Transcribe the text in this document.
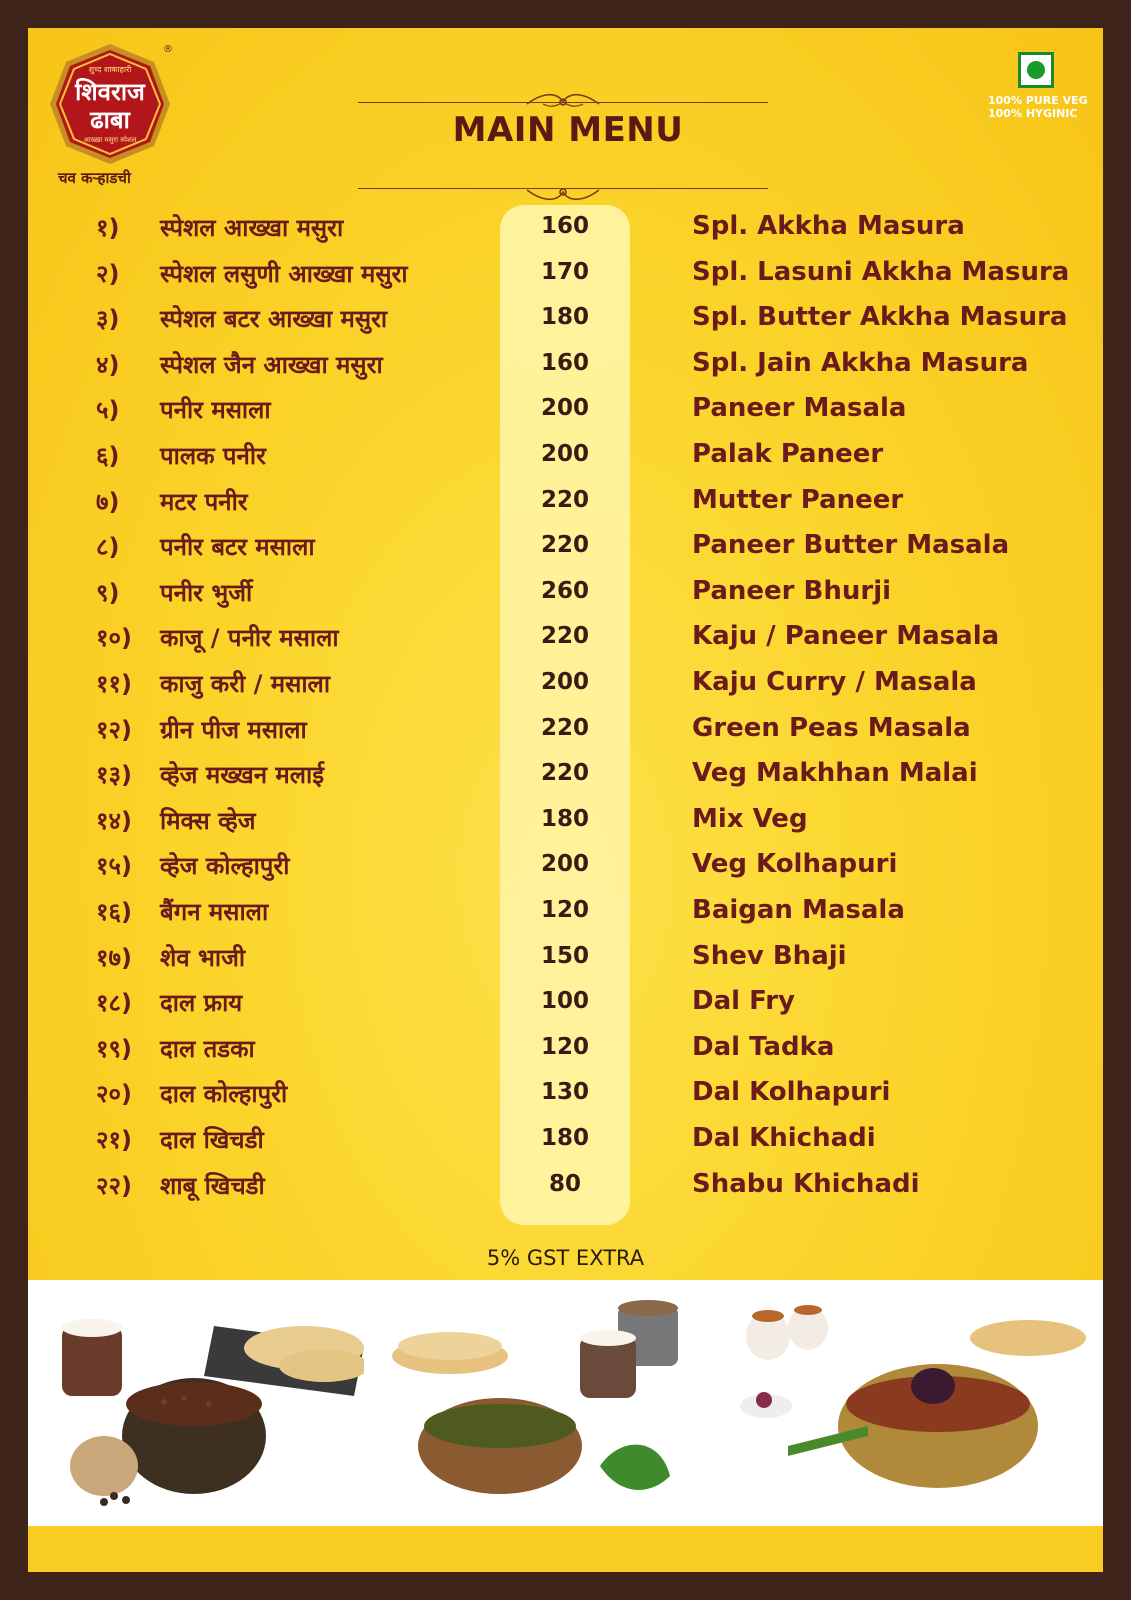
शुध्द शाकाहारी
शिवराज
ढाबा
आख्खा मसुरा स्पेशल
®
चव कऱ्हाडची
100% PURE VEG
100% HYGINIC
MAIN MENU
१) स्पेशल आख्खा मसुरा	160	Spl. Akkha Masura
२) स्पेशल लसुणी आख्खा मसुरा	170	Spl. Lasuni Akkha Masura
३) स्पेशल बटर आख्खा मसुरा	180	Spl. Butter Akkha Masura
४) स्पेशल जैन आख्खा मसुरा	160	Spl. Jain Akkha Masura
५) पनीर मसाला	200	Paneer Masala
६) पालक पनीर	200	Palak Paneer
७) मटर पनीर	220	Mutter Paneer
८) पनीर बटर मसाला	220	Paneer Butter Masala
९) पनीर भुर्जी	260	Paneer Bhurji
१०) काजू / पनीर मसाला	220	Kaju / Paneer Masala
११) काजु करी / मसाला	200	Kaju Curry / Masala
१२) ग्रीन पीज मसाला	220	Green Peas Masala
१३) व्हेज मख्खन मलाई	220	Veg Makhhan Malai
१४) मिक्स व्हेज	180	Mix Veg
१५) व्हेज कोल्हापुरी	200	Veg Kolhapuri
१६) बैंगन मसाला	120	Baigan Masala
१७) शेव भाजी	150	Shev Bhaji
१८) दाल फ्राय	100	Dal Fry
१९) दाल तडका	120	Dal Tadka
२०) दाल कोल्हापुरी	130	Dal Kolhapuri
२१) दाल खिचडी	180	Dal Khichadi
२२) शाबू खिचडी	80	Shabu Khichadi
5% GST EXTRA
